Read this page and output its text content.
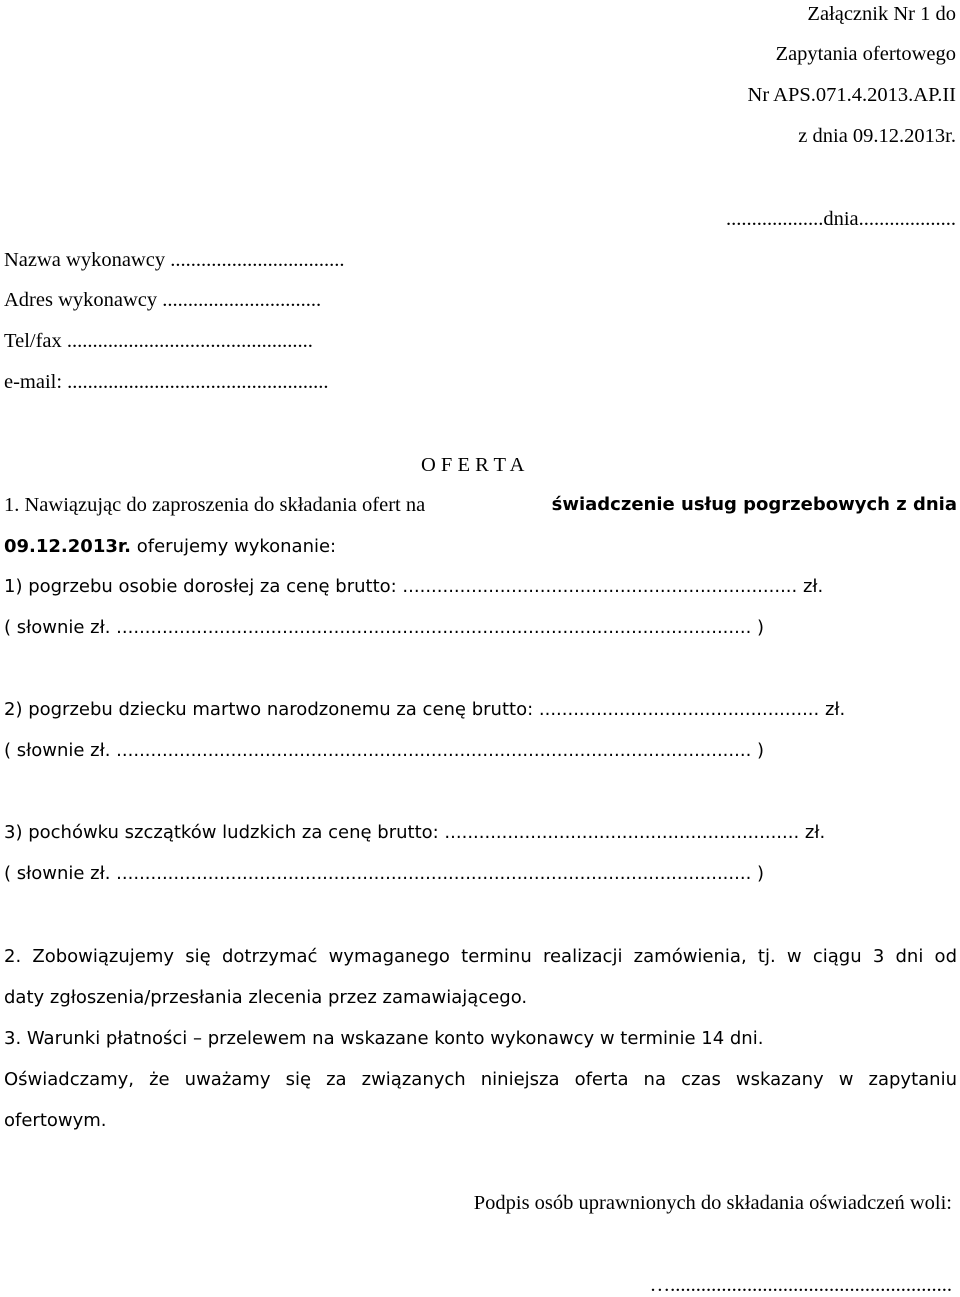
Załącznik Nr 1 do

Zapytania ofertowego

Nr APS.071.4.2013.AP.II

z dnia 09.12.2013r.

...................dnia...................

Nazwa wykonawcy ..................................

Adres wykonawcy ...............................

Tel/fax ................................................

e-mail: ...................................................

O F E R T A

1. Nawiązując do zaproszenia do składania ofert na	świadczenie usług pogrzebowych z dnia

09.12.2013r. oferujemy wykonanie:

1) pogrzebu osobie dorosłej za cenę brutto: ..................................................................... zł.

( słownie zł. ............................................................................................................... )

2) pogrzebu dziecku martwo narodzonemu za cenę brutto: ................................................. zł.

( słownie zł. ............................................................................................................... )

3) pochówku szczątków ludzkich za cenę brutto: .............................................................. zł.

( słownie zł. ............................................................................................................... )

2. Zobowiązujemy się dotrzymać wymaganego terminu realizacji zamówienia, tj. w ciągu 3 dni od

daty zgłoszenia/przesłania zlecenia przez zamawiającego.

3. Warunki płatności – przelewem na wskazane konto wykonawcy w terminie 14 dni.

Oświadczamy, że uważamy się za związanych niniejsza oferta na czas wskazany w zapytaniu

ofertowym.

Podpis osób uprawnionych do składania oświadczeń woli:

….......................................................
